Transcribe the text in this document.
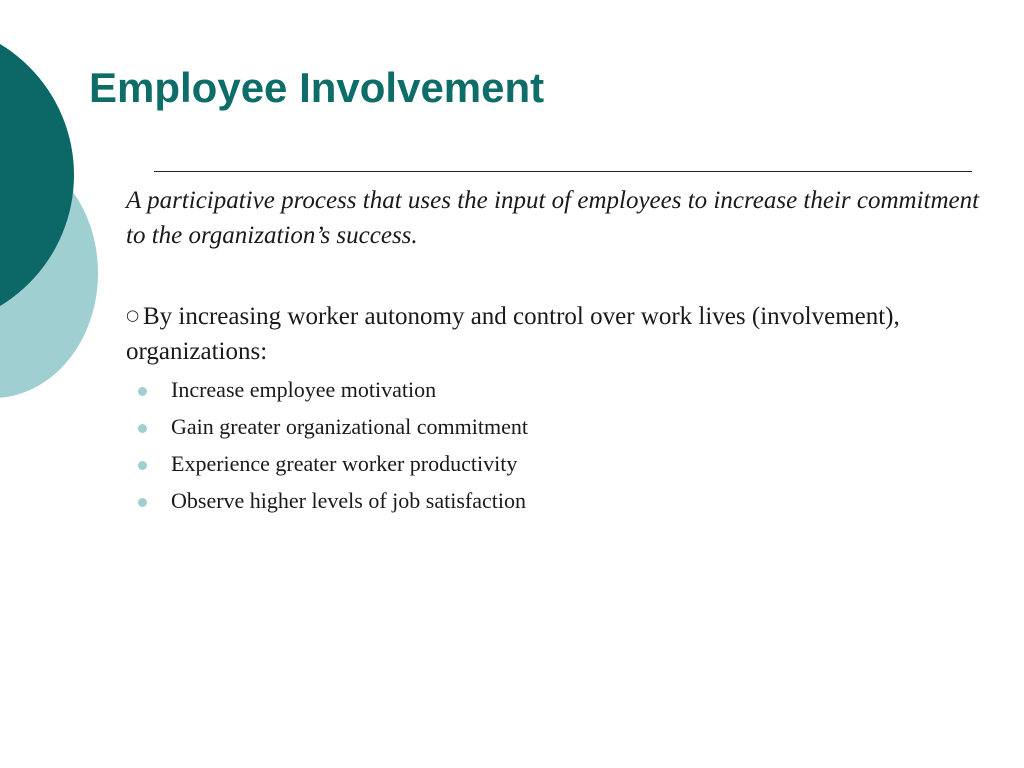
Employee Involvement

A participative process that uses the input of employees to increase their commitment to the organization’s success.

○ By increasing worker autonomy and control over work lives (involvement), organizations:

Increase employee motivation
Gain greater organizational commitment
Experience greater worker productivity
Observe higher levels of job satisfaction
